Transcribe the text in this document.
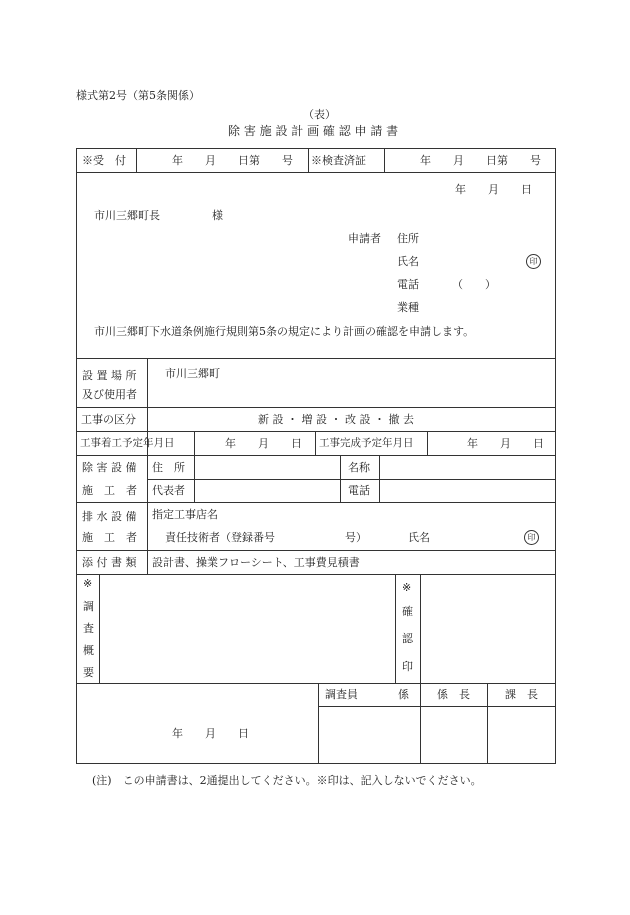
様式第2号（第5条関係）
（表）
除 害 施 設 計 画 確 認 申 請 書
※受　付	年　　月　　日第　　号 ※検査済証	年　　月　　日第　　号
年　　月　　日
市川三郷町長	様
申請者 住所
氏名	印
電話	（　　）
業種
市川三郷町下水道条例施行規則第5条の規定により計画の確認を申請します。
設 置 場 所
及び使用者
市川三郷町
工事の区分	新 設 ・ 増 設 ・ 改 設 ・ 撤 去
工事着工予定年月日	年　　月　　日 工事完成予定年月日	年　　月　　日
除 害 設 備
施　工　者
住　所	名称
代表者	電話
排 水 設 備
施　工　者
指定工事店名
責任技術者（登録番号	号）	氏名	印
添 付 書 類 設計書、操業フローシート、工事費見積書
※
調
査
概
要
※
確
認
印
年　　月　　日
調査員	係	係　長	課　長
(注)　この申請書は、2通提出してください。※印は、記入しないでください。
